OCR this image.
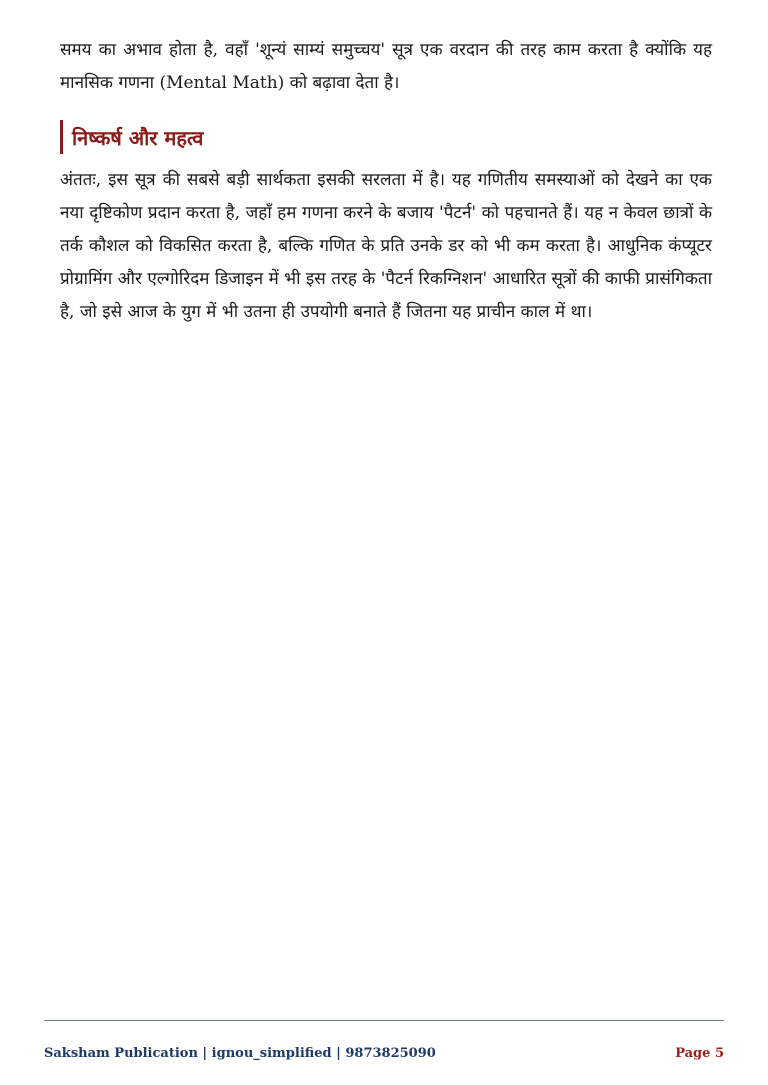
समय का अभाव होता है, वहाँ 'शून्यं साम्यं समुच्चय' सूत्र एक वरदान की तरह काम करता है क्योंकि यह मानसिक गणना (Mental Math) को बढ़ावा देता है।

निष्कर्ष और महत्व

अंततः, इस सूत्र की सबसे बड़ी सार्थकता इसकी सरलता में है। यह गणितीय समस्याओं को देखने का एक नया दृष्टिकोण प्रदान करता है, जहाँ हम गणना करने के बजाय 'पैटर्न' को पहचानते हैं। यह न केवल छात्रों के तर्क कौशल को विकसित करता है, बल्कि गणित के प्रति उनके डर को भी कम करता है। आधुनिक कंप्यूटर प्रोग्रामिंग और एल्गोरिदम डिजाइन में भी इस तरह के 'पैटर्न रिकग्निशन' आधारित सूत्रों की काफी प्रासंगिकता है, जो इसे आज के युग में भी उतना ही उपयोगी बनाते हैं जितना यह प्राचीन काल में था।

Saksham Publication | ignou_simplified | 9873825090	Page 5
